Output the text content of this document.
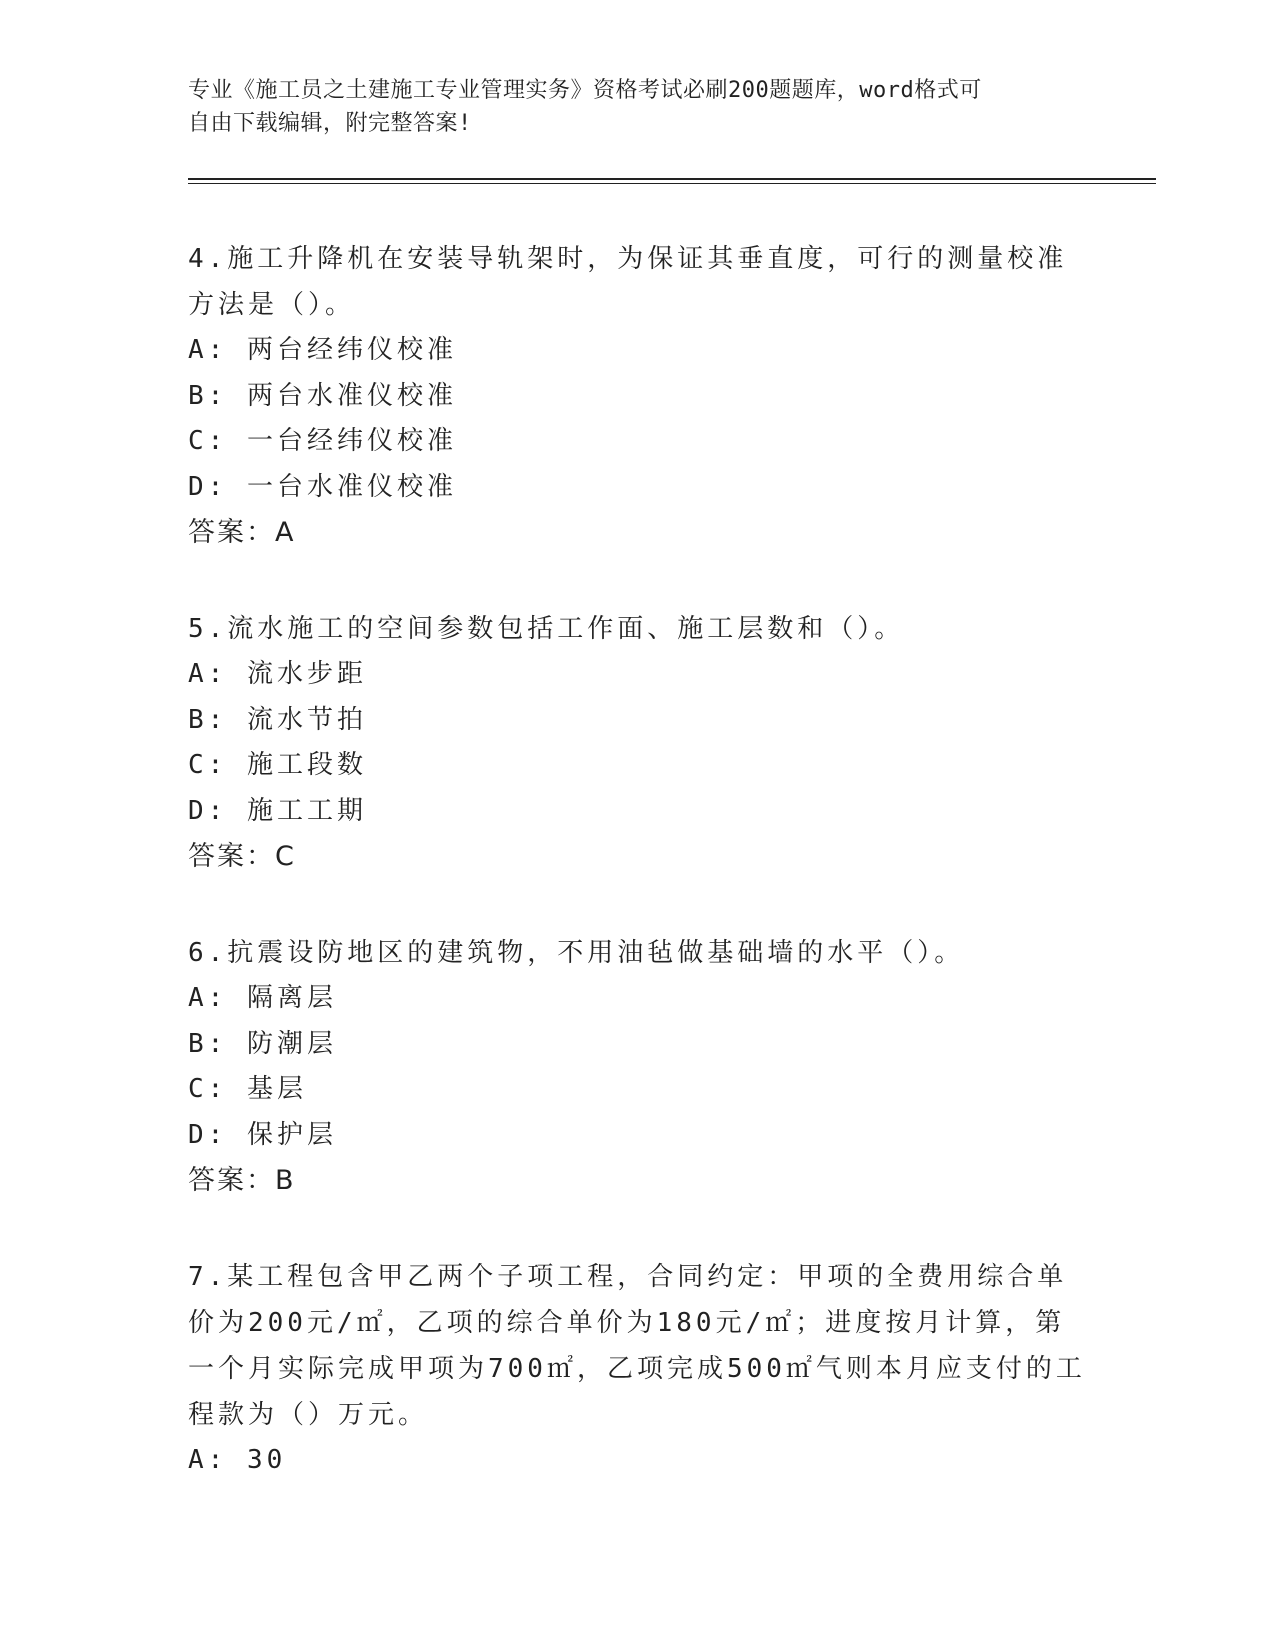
专业《施工员之土建施工专业管理实务》资格考试必刷200题题库，word格式可
自由下载编辑，附完整答案!
4.施工升降机在安装导轨架时，为保证其垂直度，可行的测量校准方法是（）。
A: 两台经纬仪校准
B: 两台水准仪校准
C: 一台经纬仪校准
D: 一台水准仪校准
答案：A
5.流水施工的空间参数包括工作面、施工层数和（）。
A: 流水步距
B: 流水节拍
C: 施工段数
D: 施工工期
答案：C
6.抗震设防地区的建筑物，不用油毡做基础墙的水平（）。
A: 隔离层
B: 防潮层
C: 基层
D: 保护层
答案：B
7.某工程包含甲乙两个子项工程，合同约定：甲项的全费用综合单价为200元/㎡，乙项的综合单价为180元/㎡；进度按月计算，第一个月实际完成甲项为700㎡，乙项完成500㎡气则本月应支付的工程款为（）万元。
A: 30
